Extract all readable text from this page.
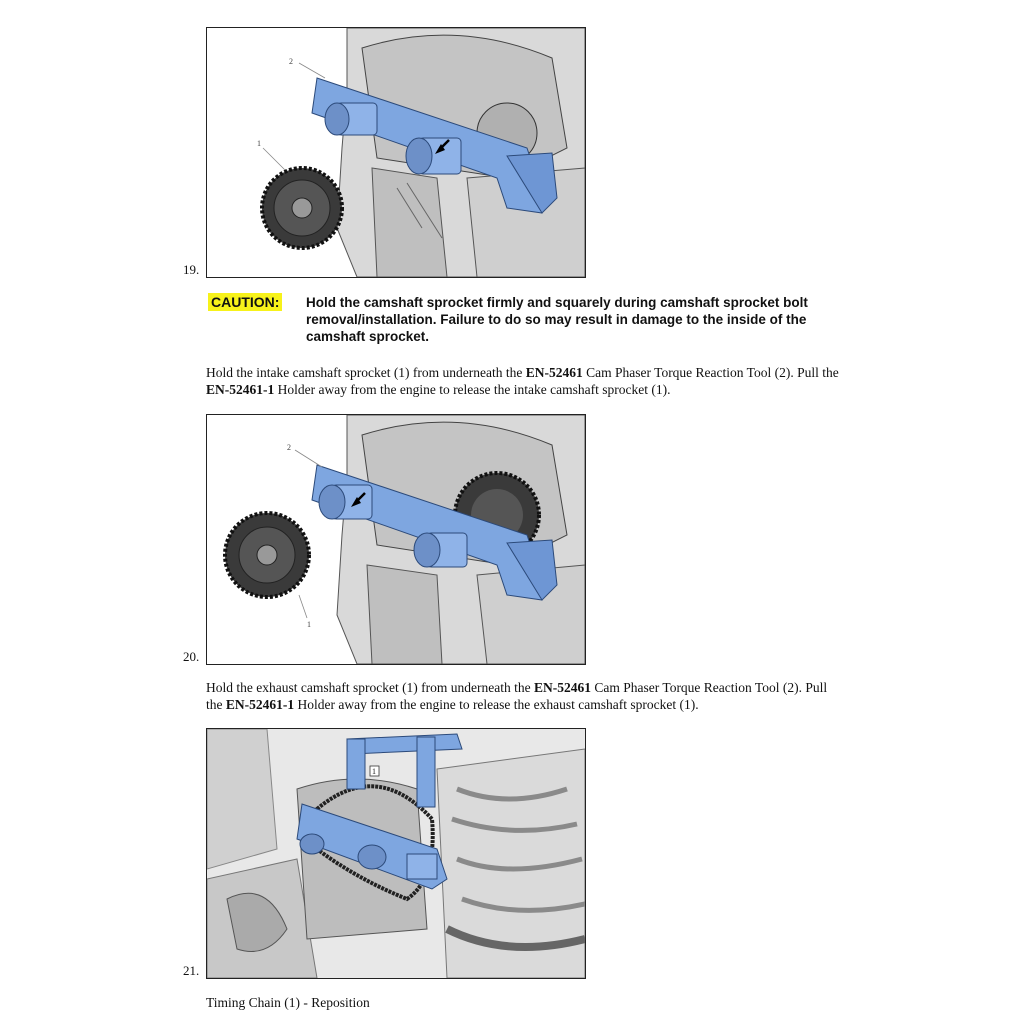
19.
2
1
CAUTION: Hold the camshaft sprocket firmly and squarely during camshaft sprocket bolt removal/installation. Failure to do so may result in damage to the inside of the camshaft sprocket.
Hold the intake camshaft sprocket (1) from underneath the EN-52461 Cam Phaser Torque Reaction Tool (2). Pull the EN-52461-1 Holder away from the engine to release the intake camshaft sprocket (1).
20.
2
1
Hold the exhaust camshaft sprocket (1) from underneath the EN-52461 Cam Phaser Torque Reaction Tool (2). Pull the EN-52461-1 Holder away from the engine to release the exhaust camshaft sprocket (1).
21.
1
Timing Chain (1) - Reposition
